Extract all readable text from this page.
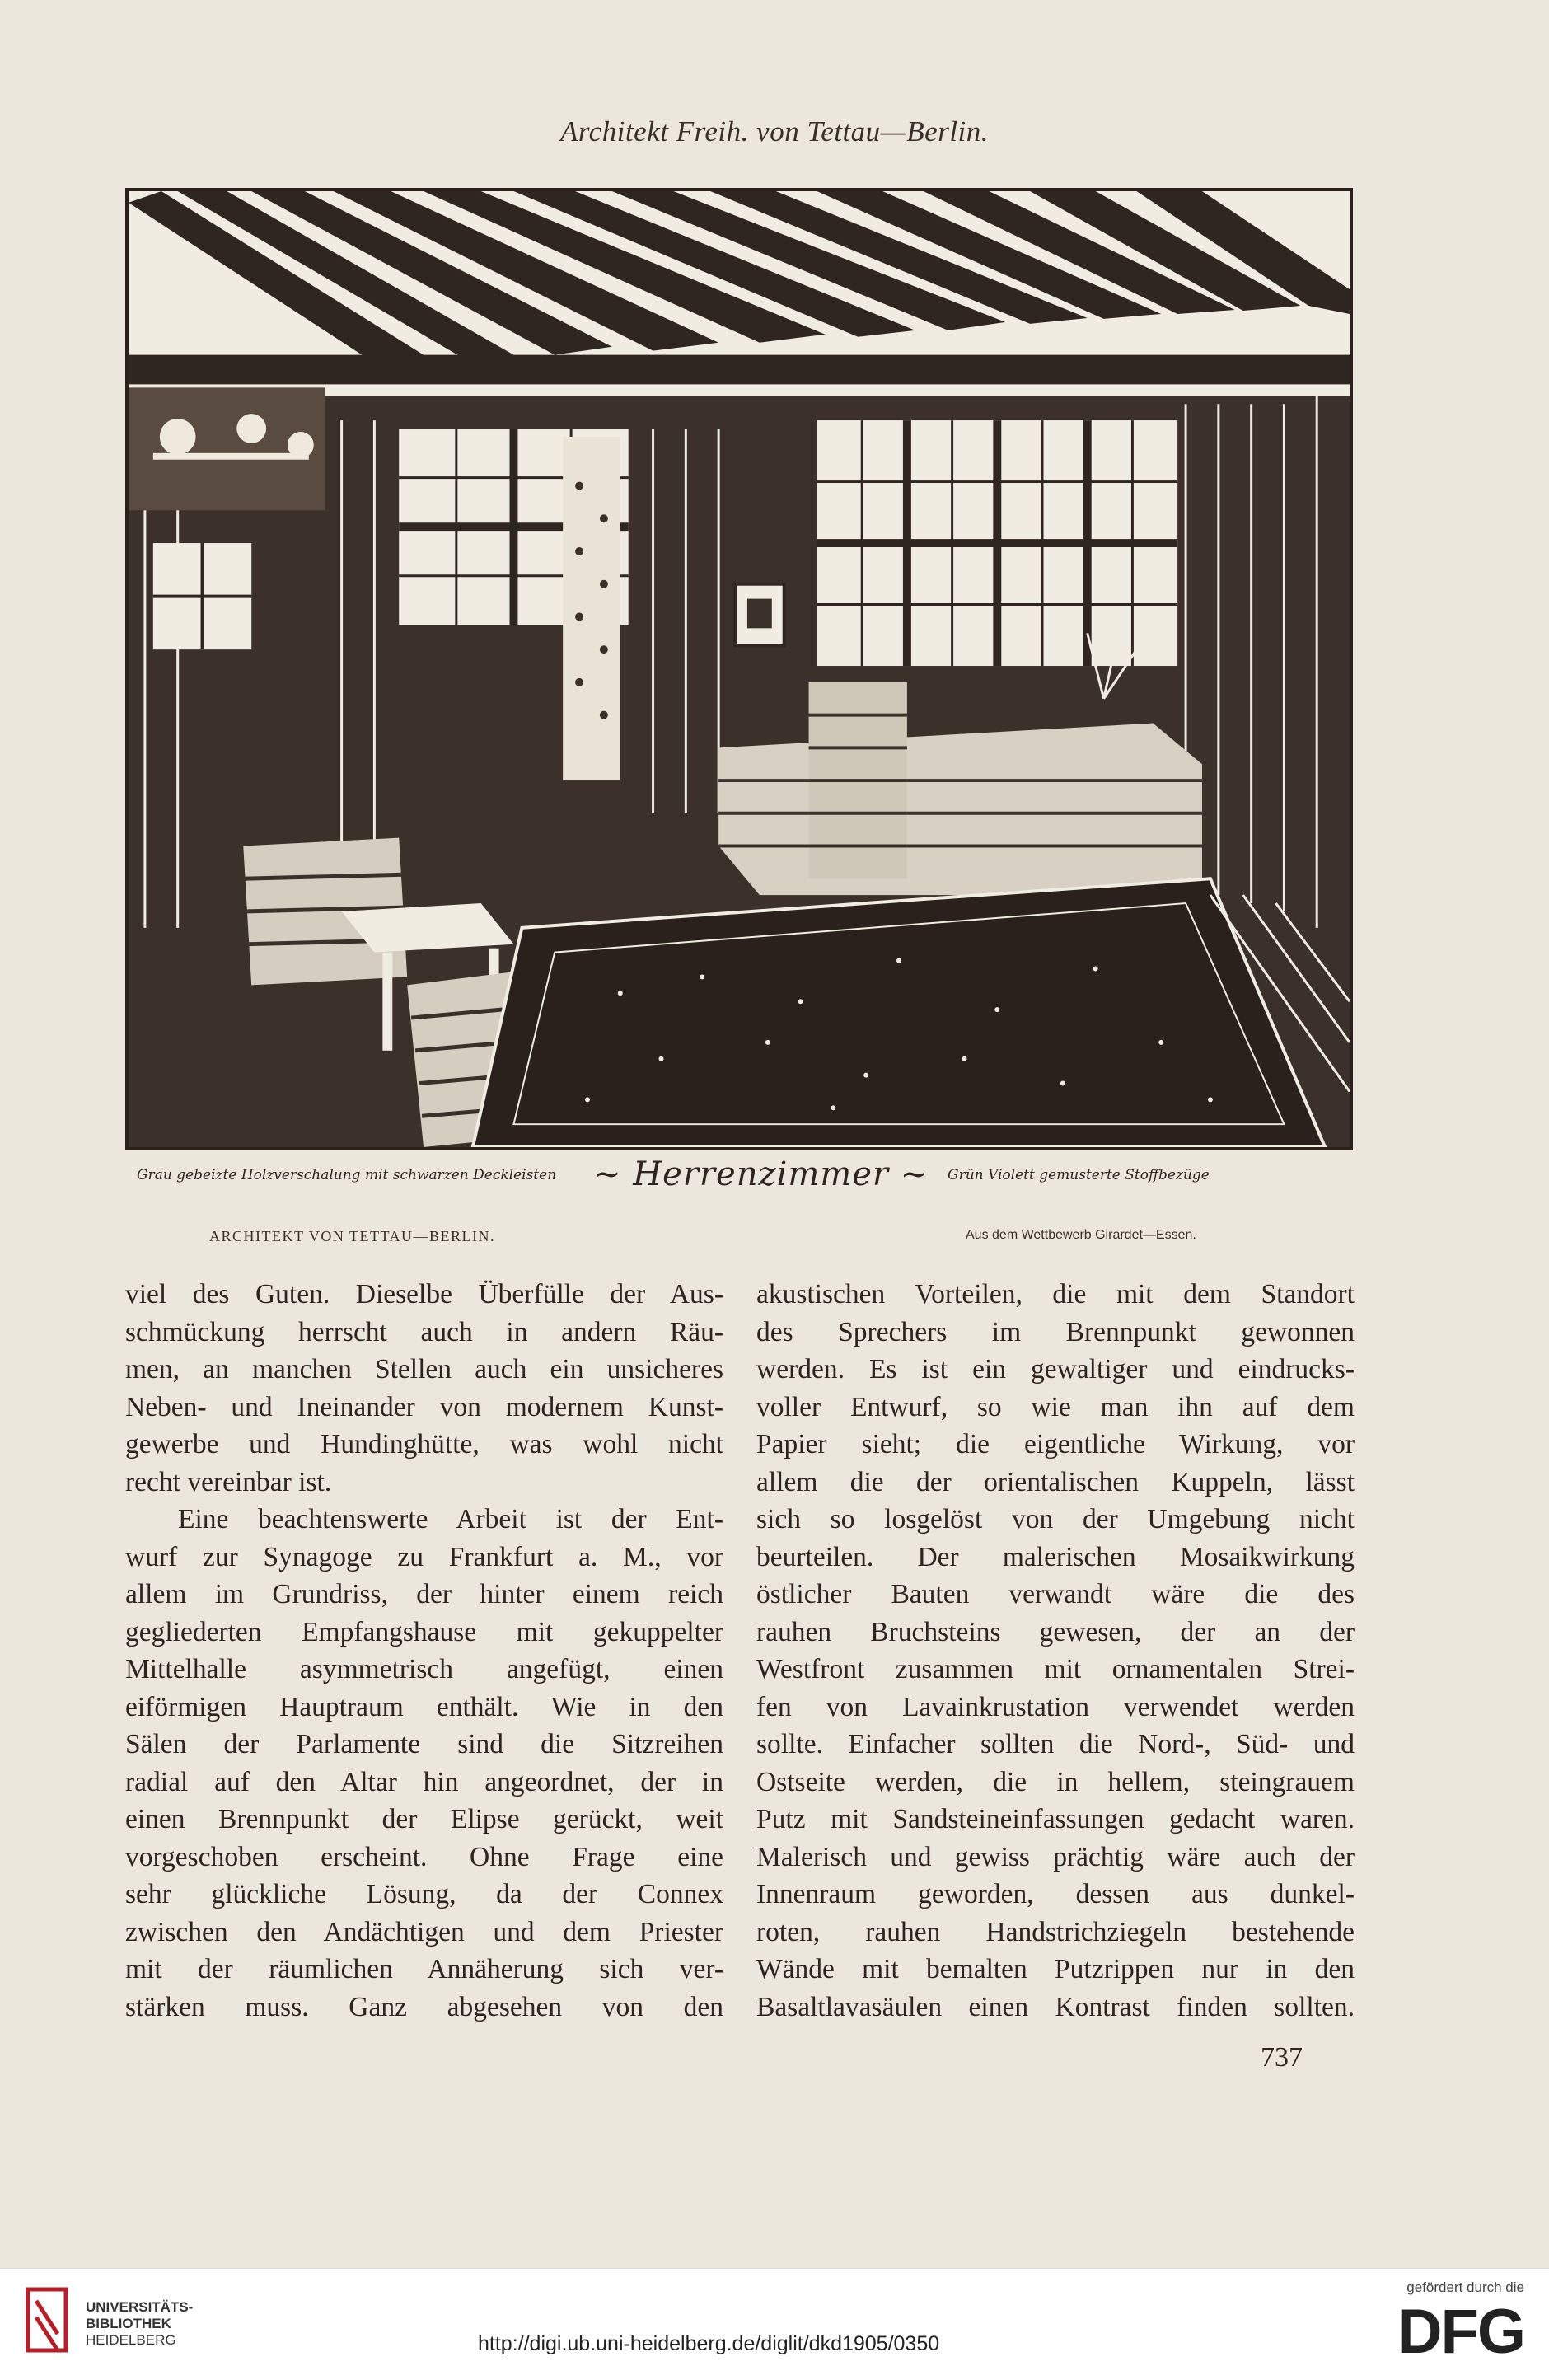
Architekt Freih. von Tettau—Berlin.
Grau gebeizte Holzverschalung mit schwarzen Deckleisten ~ Herrenzimmer ~ Grün Violett gemusterte Stoffbezüge
ARCHITEKT VON TETTAU—BERLIN.	Aus dem Wettbewerb Girardet—Essen.
viel des Guten. Dieselbe Überfülle der Aus-
schmückung herrscht auch in andern Räu-
men, an manchen Stellen auch ein unsicheres
Neben- und Ineinander von modernem Kunst-
gewerbe und Hundinghütte, was wohl nicht
recht vereinbar ist.
Eine beachtenswerte Arbeit ist der Ent-
wurf zur Synagoge zu Frankfurt a. M., vor
allem im Grundriss, der hinter einem reich
gegliederten Empfangshause mit gekuppelter
Mittelhalle asymmetrisch angefügt, einen
eiförmigen Hauptraum enthält. Wie in den
Sälen der Parlamente sind die Sitzreihen
radial auf den Altar hin angeordnet, der in
einen Brennpunkt der Elipse gerückt, weit
vorgeschoben erscheint. Ohne Frage eine
sehr glückliche Lösung, da der Connex
zwischen den Andächtigen und dem Priester
mit der räumlichen Annäherung sich ver-
stärken muss. Ganz abgesehen von den
akustischen Vorteilen, die mit dem Standort
des Sprechers im Brennpunkt gewonnen
werden. Es ist ein gewaltiger und eindrucks-
voller Entwurf, so wie man ihn auf dem
Papier sieht; die eigentliche Wirkung, vor
allem die der orientalischen Kuppeln, lässt
sich so losgelöst von der Umgebung nicht
beurteilen. Der malerischen Mosaikwirkung
östlicher Bauten verwandt wäre die des
rauhen Bruchsteins gewesen, der an der
Westfront zusammen mit ornamentalen Strei-
fen von Lavainkrustation verwendet werden
sollte. Einfacher sollten die Nord-, Süd- und
Ostseite werden, die in hellem, steingrauem
Putz mit Sandsteineinfassungen gedacht waren.
Malerisch und gewiss prächtig wäre auch der
Innenraum geworden, dessen aus dunkel-
roten, rauhen Handstrichziegeln bestehende
Wände mit bemalten Putzrippen nur in den
Basaltlavasäulen einen Kontrast finden sollten.
737
UNIVERSITÄTS-
BIBLIOTHEK
HEIDELBERG	http://digi.ub.uni-heidelberg.de/diglit/dkd1905/0350
gefördert durch die
DFG
